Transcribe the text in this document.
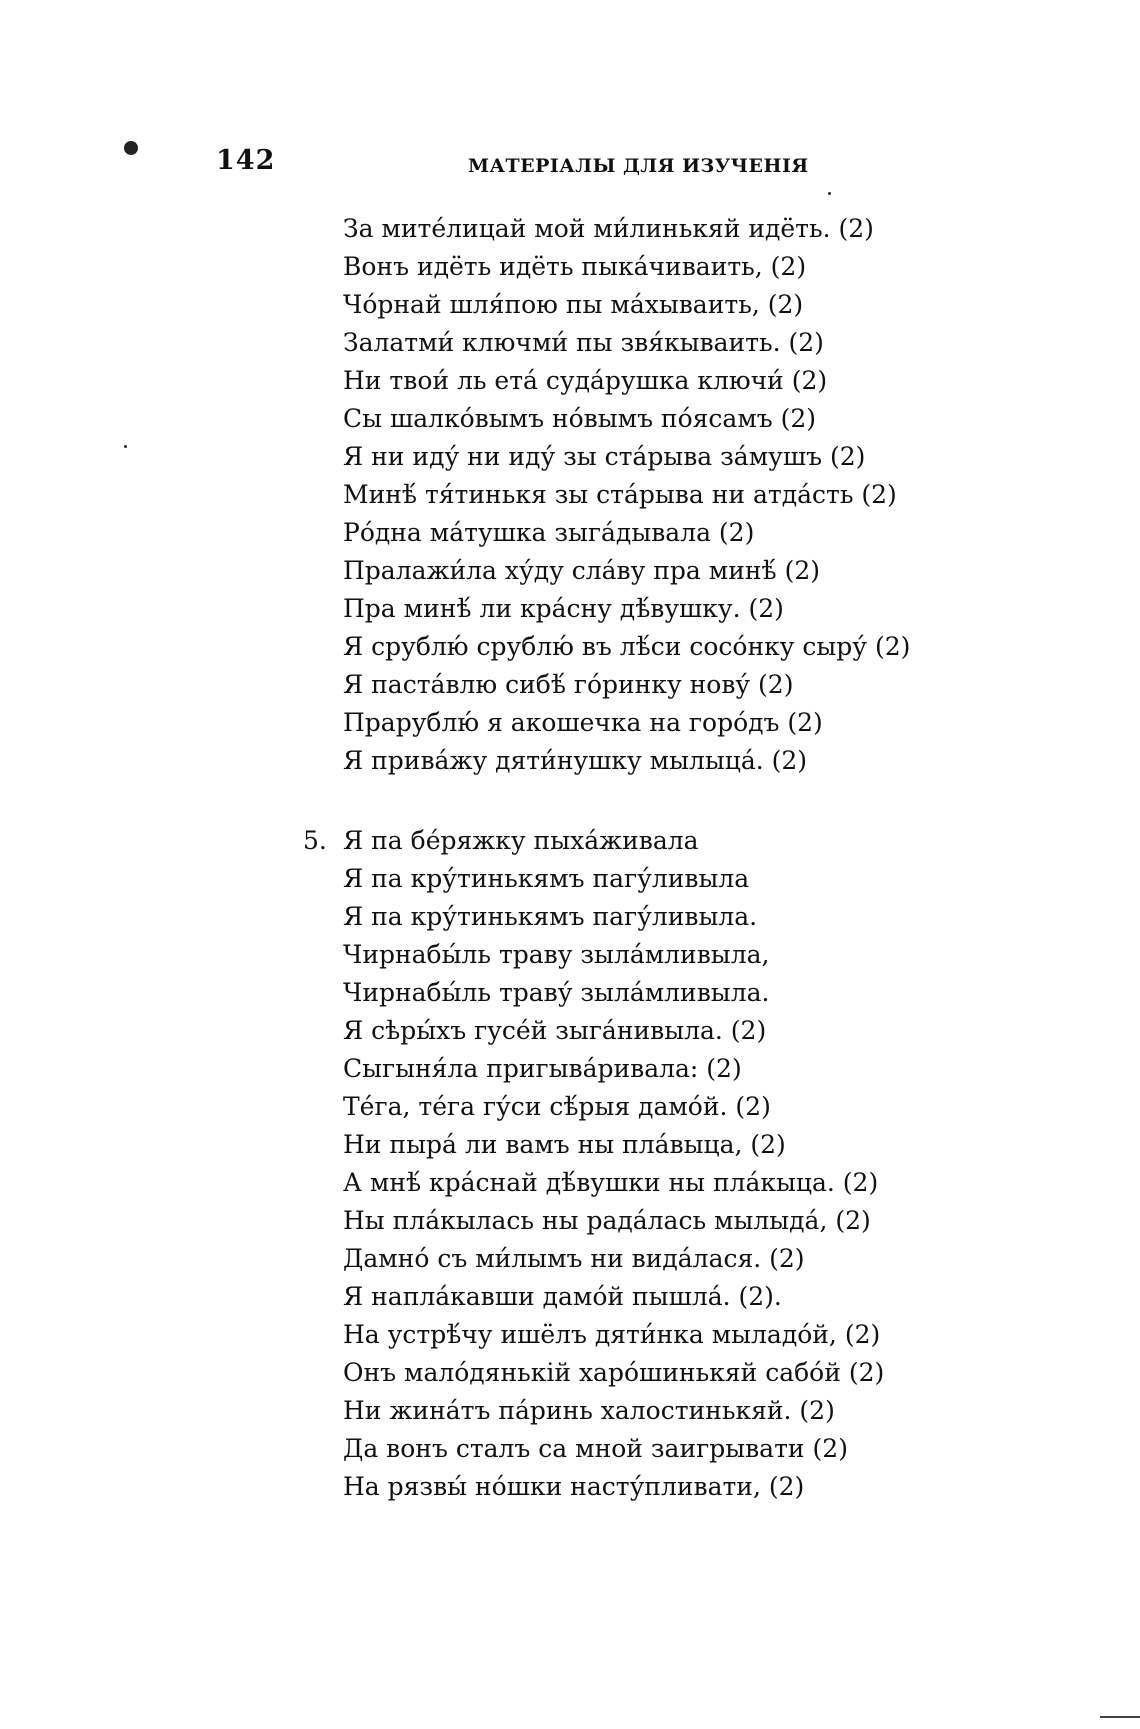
142	МАТЕРІАЛЫ ДЛЯ ИЗУЧЕНІЯ
За мите́лицай мой ми́линькяй идёть. (2)
Вонъ идёть идёть пыка́чиваить, (2)
Чо́рнай шля́пою пы ма́хываить, (2)
Залатми́ ключми́ пы звя́кываить. (2)
Ни твои́ ль ета́ суда́рушка ключи́ (2)
Сы шалко́вымъ но́вымъ по́ясамъ (2)
Я ни иду́ ни иду́ зы ста́рыва за́мушъ (2)
Минѣ́ тя́тинькя зы ста́рыва ни атда́сть (2)
Ро́дна ма́тушка зыга́дывала (2)
Пралажи́ла ху́ду сла́ву пра минѣ́ (2)
Пра минѣ́ ли кра́сну дѣ́вушку. (2)
Я срублю́ срублю́ въ лѣ́си сосо́нку сыру́ (2)
Я паста́влю сибѣ́ го́ринку нову́ (2)
Прарублю́ я акошечка на горо́дъ (2)
Я прива́жу дяти́нушку мылыца́. (2)
5. Я па бе́ряжку пыха́живала
Я па кру́тинькямъ пагу́ливыла
Я па кру́тинькямъ пагу́ливыла.
Чирнабы́ль траву зыла́мливыла,
Чирнабы́ль траву́ зыла́мливыла.
Я сѣры́хъ гусе́й зыга́нивыла. (2)
Сыгыня́ла пригыва́ривала: (2)
Те́га, те́га гу́си сѣ́рыя дамо́й. (2)
Ни пыра́ ли вамъ ны пла́выца, (2)
А мнѣ́ кра́снай дѣ́вушки ны пла́кыца. (2)
Ны пла́кылась ны рада́лась мылыда́, (2)
Дамно́ съ ми́лымъ ни вида́лася. (2)
Я напла́кавши дамо́й пышла́. (2).
На устрѣ́чу ишёлъ дяти́нка мыладо́й, (2)
Онъ мало́дянькій харо́шинькяй сабо́й (2)
Ни жина́тъ па́ринь халостинькяй. (2)
Да вонъ сталъ са мной заигрывати (2)
На рязвы́ но́шки насту́пливати, (2)
